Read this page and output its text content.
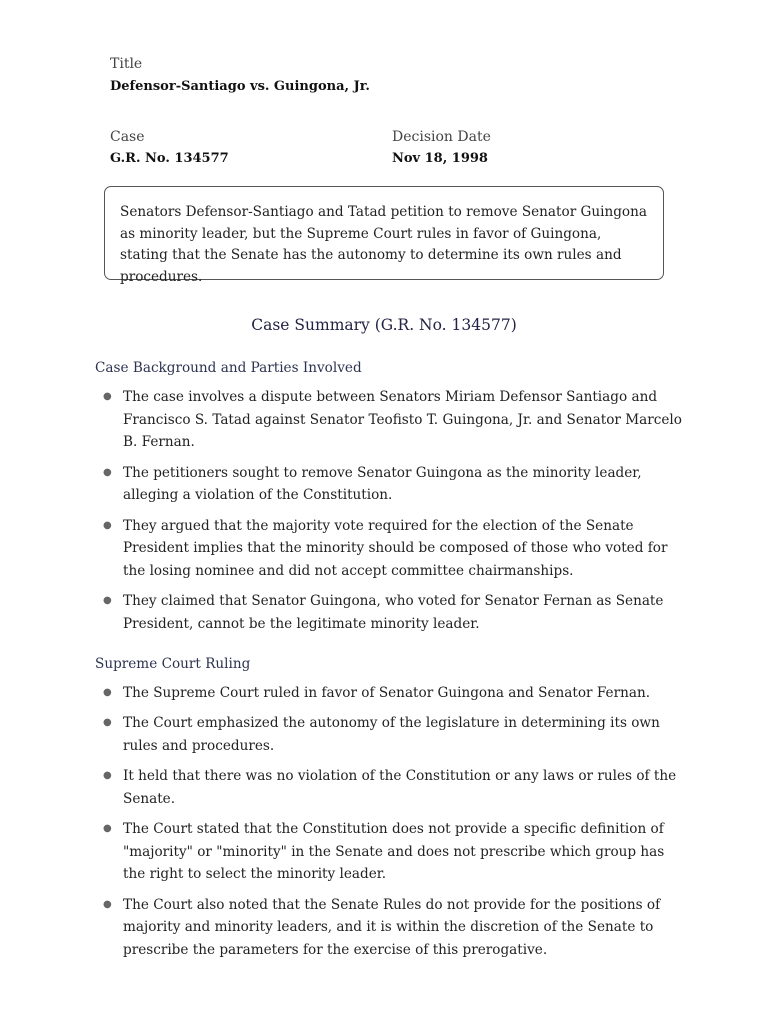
Title
Defensor-Santiago vs. Guingona, Jr.
Case
G.R. No. 134577
Decision Date
Nov 18, 1998
Senators Defensor-Santiago and Tatad petition to remove Senator Guingona as minority leader, but the Supreme Court rules in favor of Guingona, stating that the Senate has the autonomy to determine its own rules and procedures.
Case Summary (G.R. No. 134577)
Case Background and Parties Involved
● The case involves a dispute between Senators Miriam Defensor Santiago and Francisco S. Tatad against Senator Teofisto T. Guingona, Jr. and Senator Marcelo B. Fernan.
● The petitioners sought to remove Senator Guingona as the minority leader, alleging a violation of the Constitution.
● They argued that the majority vote required for the election of the Senate President implies that the minority should be composed of those who voted for the losing nominee and did not accept committee chairmanships.
● They claimed that Senator Guingona, who voted for Senator Fernan as Senate President, cannot be the legitimate minority leader.
Supreme Court Ruling
● The Supreme Court ruled in favor of Senator Guingona and Senator Fernan.
● The Court emphasized the autonomy of the legislature in determining its own rules and procedures.
● It held that there was no violation of the Constitution or any laws or rules of the Senate.
● The Court stated that the Constitution does not provide a specific definition of "majority" or "minority" in the Senate and does not prescribe which group has the right to select the minority leader.
● The Court also noted that the Senate Rules do not provide for the positions of majority and minority leaders, and it is within the discretion of the Senate to prescribe the parameters for the exercise of this prerogative.
